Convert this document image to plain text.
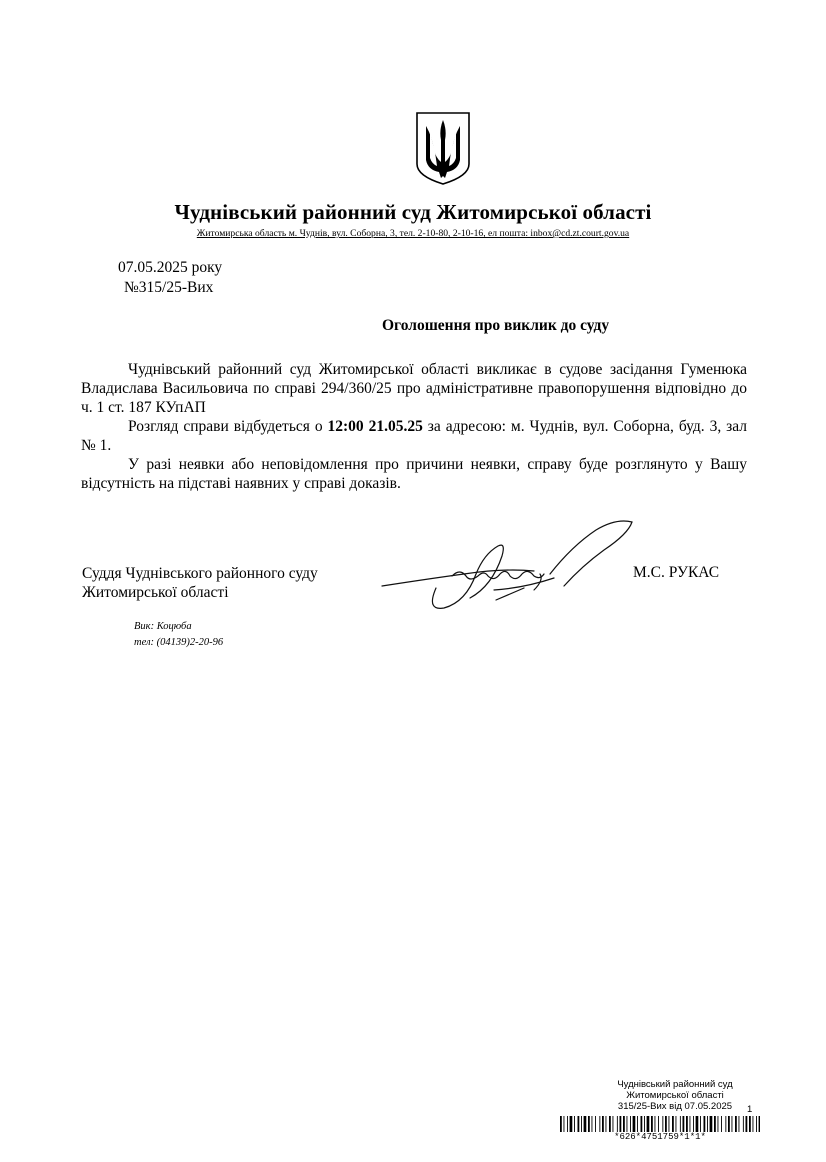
Чуднівський районний суд Житомирської області
Житомирська область м. Чуднів, вул. Соборна, 3, тел. 2-10-80, 2-10-16, ел пошта: inbox@cd.zt.court.gov.ua
07.05.2025 року
№315/25-Вих
Оголошення про виклик до суду

Чуднівський районний суд Житомирської області викликає в судове засідання Гуменюка Владислава Васильовича по справі 294/360/25 про адміністративне правопорушення відповідно до ч. 1 ст. 187 КУпАП

Розгляд справи відбудеться о 12:00 21.05.25 за адресою: м. Чуднів, вул. Соборна, буд. 3, зал № 1.

У разі неявки або неповідомлення про причини неявки, справу буде розглянуто у Вашу відсутність на підставі наявних у справі доказів.

Суддя Чуднівського районного суду
Житомирської області
М.С. РУКАС
Вик: Коцюба
тел: (04139)2-20-96
Чуднівський районний суд
Житомирської області
315/25-Вих від 07.05.2025	1
*626*4751759*1*1*
